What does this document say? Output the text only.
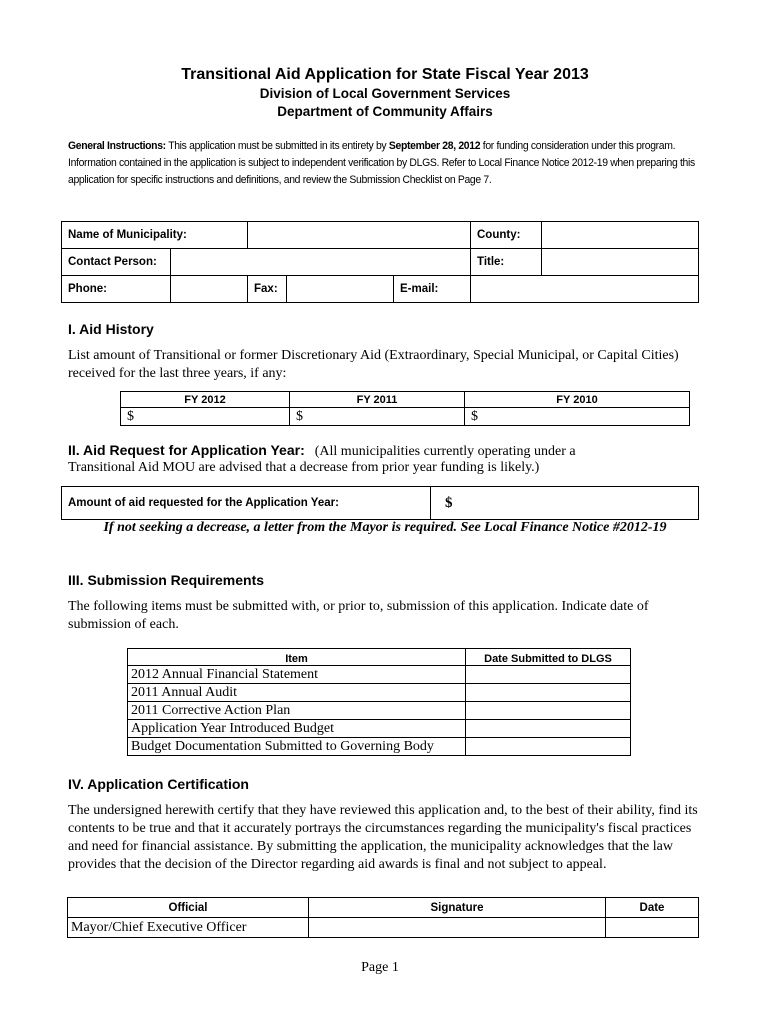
Transitional Aid Application for State Fiscal Year 2013
Division of Local Government Services
Department of Community Affairs
General Instructions: This application must be submitted in its entirety by September 28, 2012 for funding consideration under this program. Information contained in the application is subject to independent verification by DLGS. Refer to Local Finance Notice 2012-19 when preparing this application for specific instructions and definitions, and review the Submission Checklist on Page 7.
Name of Municipality:					County:	
Contact Person:					Title:	
Phone:		Fax:		E-mail:		
I. Aid History
List amount of Transitional or former Discretionary Aid (Extraordinary, Special Municipal, or Capital Cities) received for the last three years, if any:
FY 2012	FY 2011	FY 2010
$	$	$
II. Aid Request for Application Year: (All municipalities currently operating under a
Transitional Aid MOU are advised that a decrease from prior year funding is likely.)
Amount of aid requested for the Application Year:	$
If not seeking a decrease, a letter from the Mayor is required. See Local Finance Notice #2012-19
III. Submission Requirements
The following items must be submitted with, or prior to, submission of this application. Indicate date of submission of each.
Item	Date Submitted to DLGS
2012 Annual Financial Statement	
2011 Annual Audit	
2011 Corrective Action Plan	
Application Year Introduced Budget	
Budget Documentation Submitted to Governing Body	
IV. Application Certification
The undersigned herewith certify that they have reviewed this application and, to the best of their ability, find its contents to be true and that it accurately portrays the circumstances regarding the municipality's fiscal practices and need for financial assistance. By submitting the application, the municipality acknowledges that the law provides that the decision of the Director regarding aid awards is final and not subject to appeal.
Official	Signature	Date
Mayor/Chief Executive Officer		
Page 1
